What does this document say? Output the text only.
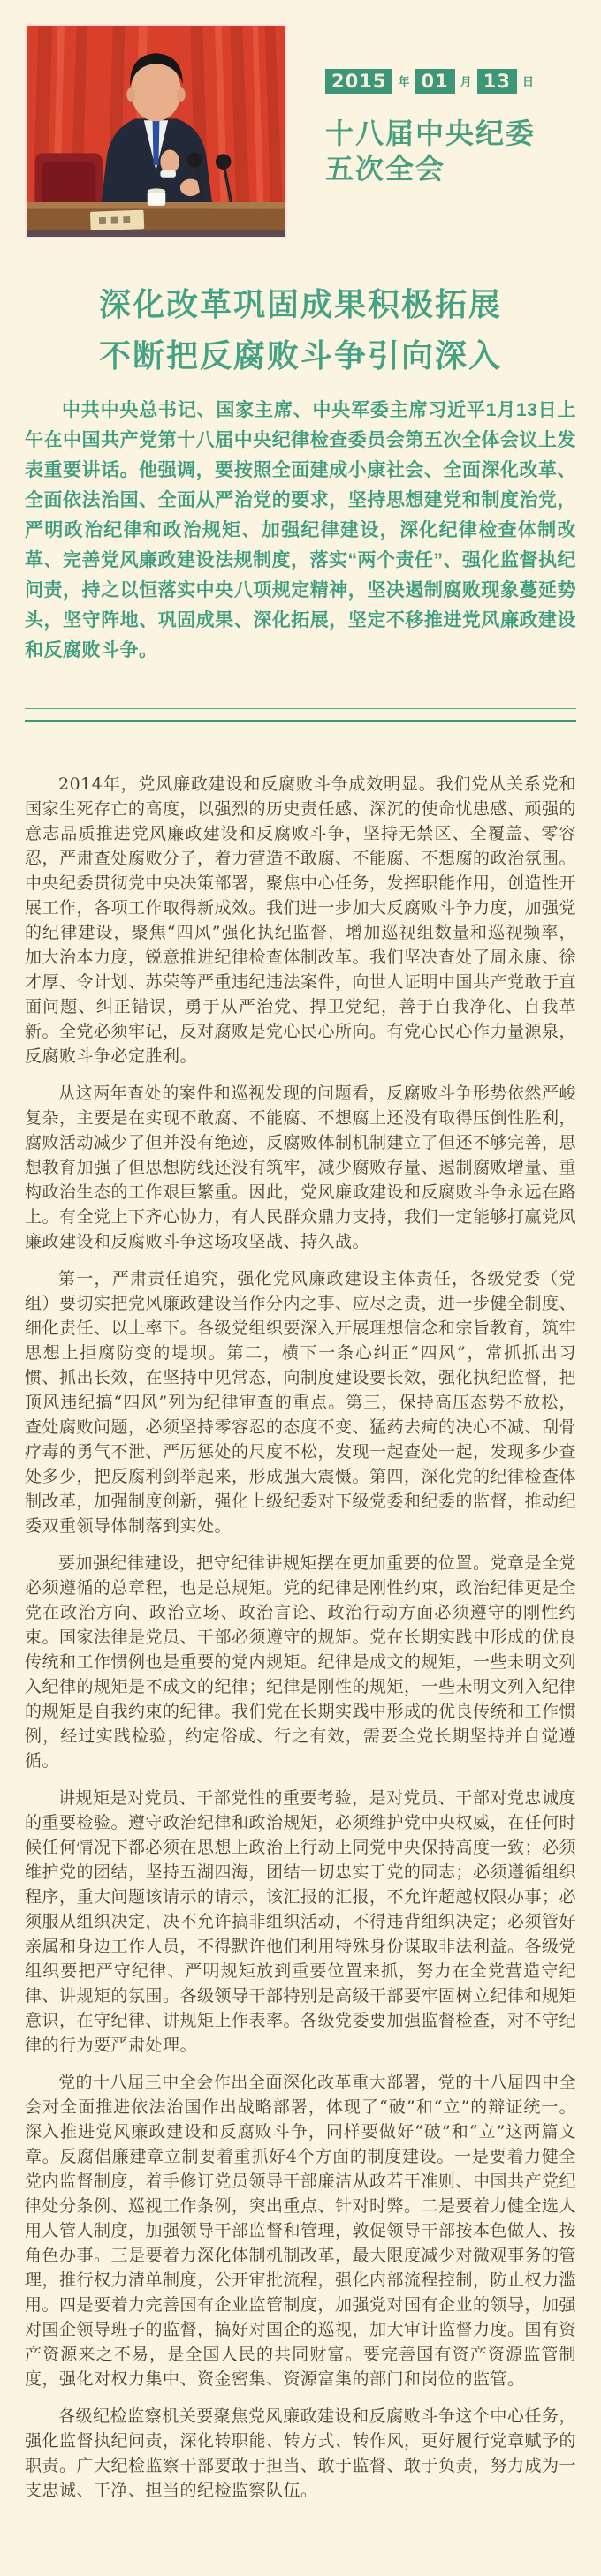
2015	年 01	月 13	日
十八届中央纪委
五次全会
深化改革巩固成果积极拓展
不断把反腐败斗争引向深入

中共中央总书记、国家主席、中央军委主席习近平1月13日上午在中国共产党第十八届中央纪律检查委员会第五次全体会议上发表重要讲话。他强调，要按照全面建成小康社会、全面深化改革、全面依法治国、全面从严治党的要求，坚持思想建党和制度治党，严明政治纪律和政治规矩、加强纪律建设，深化纪律检查体制改革、完善党风廉政建设法规制度，落实“两个责任”、强化监督执纪问责，持之以恒落实中央八项规定精神，坚决遏制腐败现象蔓延势头，坚守阵地、巩固成果、深化拓展，坚定不移推进党风廉政建设和反腐败斗争。

2014年，党风廉政建设和反腐败斗争成效明显。我们党从关系党和国家生死存亡的高度，以强烈的历史责任感、深沉的使命忧患感、顽强的意志品质推进党风廉政建设和反腐败斗争，坚持无禁区、全覆盖、零容忍，严肃查处腐败分子，着力营造不敢腐、不能腐、不想腐的政治氛围。中央纪委贯彻党中央决策部署，聚焦中心任务，发挥职能作用，创造性开展工作，各项工作取得新成效。我们进一步加大反腐败斗争力度，加强党的纪律建设，聚焦“四风”强化执纪监督，增加巡视组数量和巡视频率，加大治本力度，锐意推进纪律检查体制改革。我们坚决查处了周永康、徐才厚、令计划、苏荣等严重违纪违法案件，向世人证明中国共产党敢于直面问题、纠正错误，勇于从严治党、捍卫党纪，善于自我净化、自我革新。全党必须牢记，反对腐败是党心民心所向。有党心民心作力量源泉，反腐败斗争必定胜利。

从这两年查处的案件和巡视发现的问题看，反腐败斗争形势依然严峻复杂，主要是在实现不敢腐、不能腐、不想腐上还没有取得压倒性胜利，腐败活动减少了但并没有绝迹，反腐败体制机制建立了但还不够完善，思想教育加强了但思想防线还没有筑牢，减少腐败存量、遏制腐败增量、重构政治生态的工作艰巨繁重。因此，党风廉政建设和反腐败斗争永远在路上。有全党上下齐心协力，有人民群众鼎力支持，我们一定能够打赢党风廉政建设和反腐败斗争这场攻坚战、持久战。

第一，严肃责任追究，强化党风廉政建设主体责任，各级党委（党组）要切实把党风廉政建设当作分内之事、应尽之责，进一步健全制度、细化责任、以上率下。各级党组织要深入开展理想信念和宗旨教育，筑牢思想上拒腐防变的堤坝。第二，横下一条心纠正“四风”，常抓抓出习惯、抓出长效，在坚持中见常态，向制度建设要长效，强化执纪监督，把顶风违纪搞“四风”列为纪律审查的重点。第三，保持高压态势不放松，查处腐败问题，必须坚持零容忍的态度不变、猛药去疴的决心不减、刮骨疗毒的勇气不泄、严厉惩处的尺度不松，发现一起查处一起，发现多少查处多少，把反腐利剑举起来，形成强大震慑。第四，深化党的纪律检查体制改革，加强制度创新，强化上级纪委对下级党委和纪委的监督，推动纪委双重领导体制落到实处。

要加强纪律建设，把守纪律讲规矩摆在更加重要的位置。党章是全党必须遵循的总章程，也是总规矩。党的纪律是刚性约束，政治纪律更是全党在政治方向、政治立场、政治言论、政治行动方面必须遵守的刚性约束。国家法律是党员、干部必须遵守的规矩。党在长期实践中形成的优良传统和工作惯例也是重要的党内规矩。纪律是成文的规矩，一些未明文列入纪律的规矩是不成文的纪律；纪律是刚性的规矩，一些未明文列入纪律的规矩是自我约束的纪律。我们党在长期实践中形成的优良传统和工作惯例，经过实践检验，约定俗成、行之有效，需要全党长期坚持并自觉遵循。

讲规矩是对党员、干部党性的重要考验，是对党员、干部对党忠诚度的重要检验。遵守政治纪律和政治规矩，必须维护党中央权威，在任何时候任何情况下都必须在思想上政治上行动上同党中央保持高度一致；必须维护党的团结，坚持五湖四海，团结一切忠实于党的同志；必须遵循组织程序，重大问题该请示的请示，该汇报的汇报，不允许超越权限办事；必须服从组织决定，决不允许搞非组织活动，不得违背组织决定；必须管好亲属和身边工作人员，不得默许他们利用特殊身份谋取非法利益。各级党组织要把严守纪律、严明规矩放到重要位置来抓，努力在全党营造守纪律、讲规矩的氛围。各级领导干部特别是高级干部要牢固树立纪律和规矩意识，在守纪律、讲规矩上作表率。各级党委要加强监督检查，对不守纪律的行为要严肃处理。

党的十八届三中全会作出全面深化改革重大部署，党的十八届四中全会对全面推进依法治国作出战略部署，体现了“破”和“立”的辩证统一。深入推进党风廉政建设和反腐败斗争，同样要做好“破”和“立”这两篇文章。反腐倡廉建章立制要着重抓好4个方面的制度建设。一是要着力健全党内监督制度，着手修订党员领导干部廉洁从政若干准则、中国共产党纪律处分条例、巡视工作条例，突出重点、针对时弊。二是要着力健全选人用人管人制度，加强领导干部监督和管理，敦促领导干部按本色做人、按角色办事。三是要着力深化体制机制改革，最大限度减少对微观事务的管理，推行权力清单制度，公开审批流程，强化内部流程控制，防止权力滥用。四是要着力完善国有企业监管制度，加强党对国有企业的领导，加强对国企领导班子的监督，搞好对国企的巡视，加大审计监督力度。国有资产资源来之不易，是全国人民的共同财富。要完善国有资产资源监管制度，强化对权力集中、资金密集、资源富集的部门和岗位的监管。

各级纪检监察机关要聚焦党风廉政建设和反腐败斗争这个中心任务，强化监督执纪问责，深化转职能、转方式、转作风，更好履行党章赋予的职责。广大纪检监察干部要敢于担当、敢于监督、敢于负责，努力成为一支忠诚、干净、担当的纪检监察队伍。
